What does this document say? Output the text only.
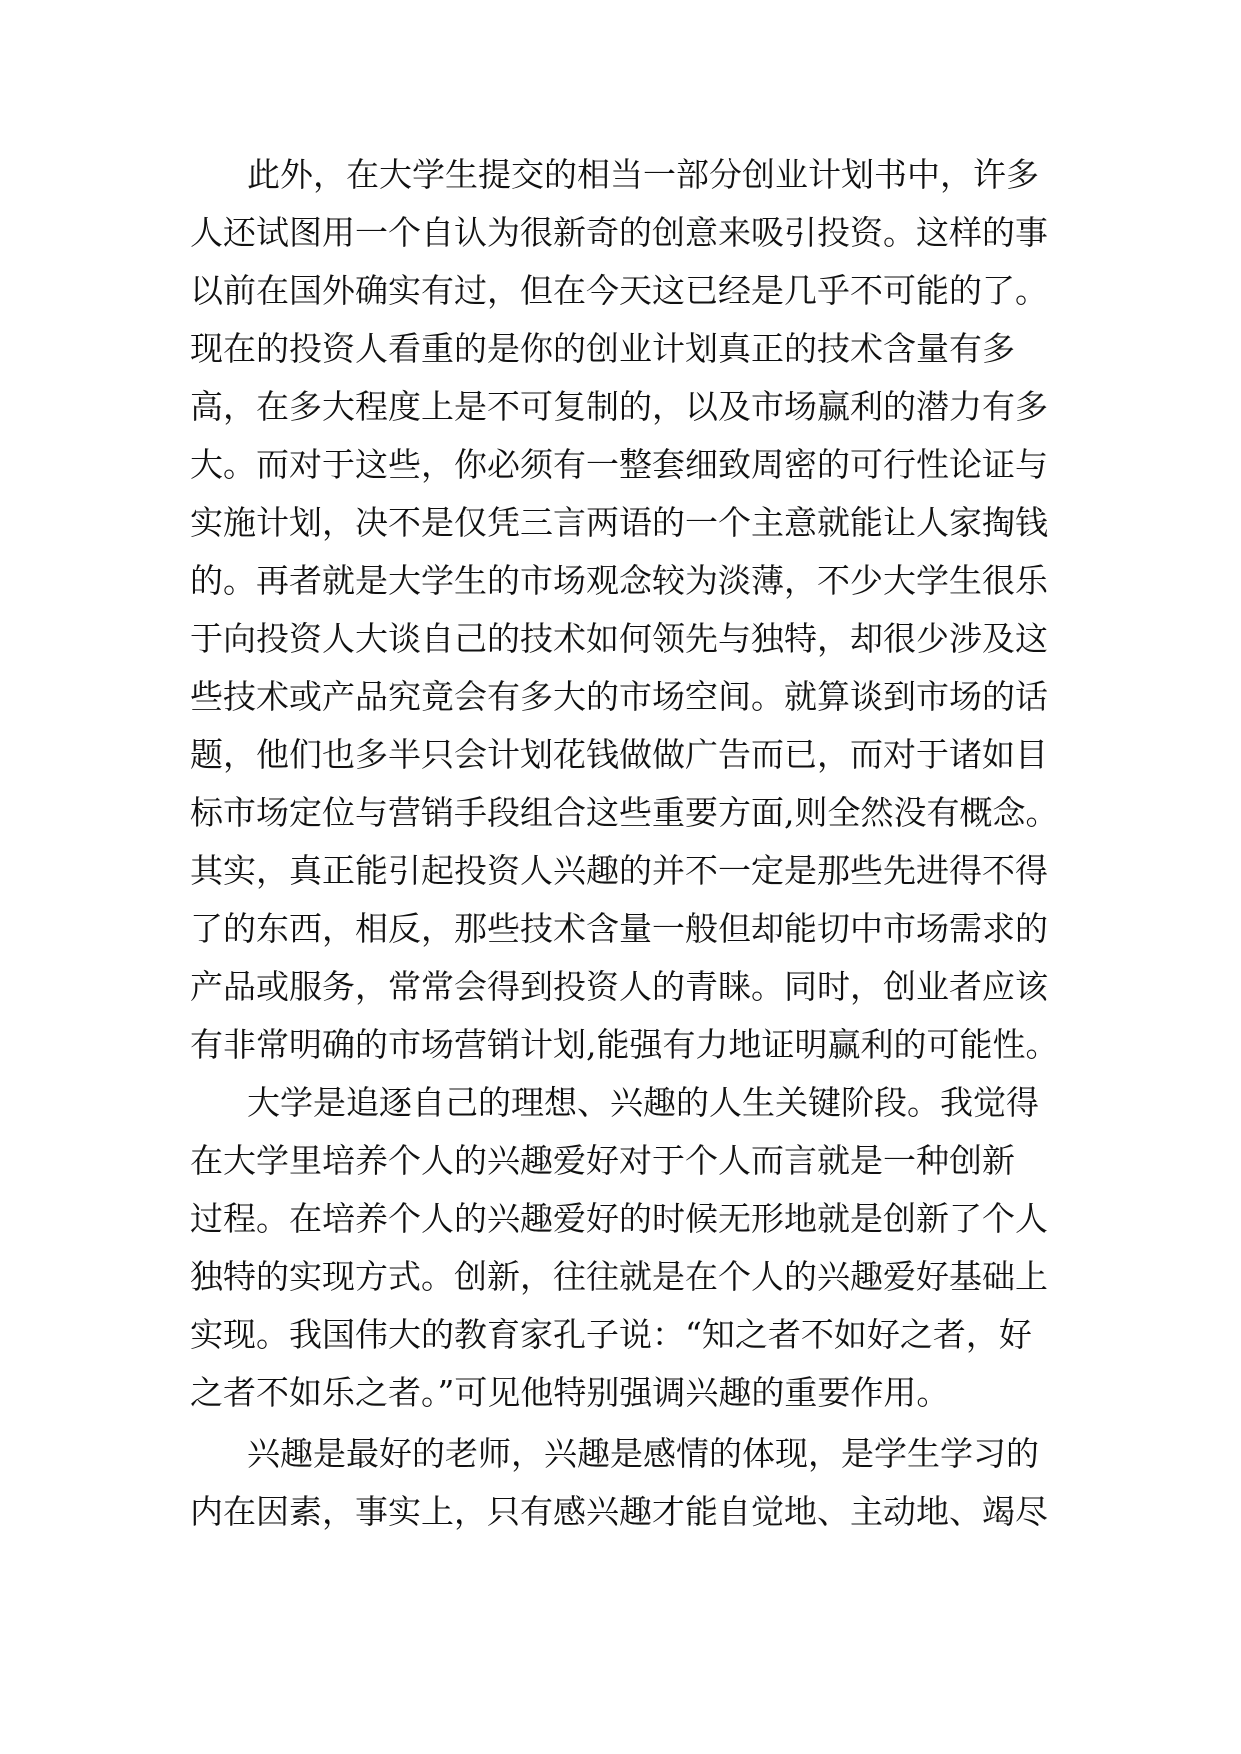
此外，在大学生提交的相当一部分创业计划书中，许多
人还试图用一个自认为很新奇的创意来吸引投资。这样的事
以前在国外确实有过，但在今天这已经是几乎不可能的了。
现在的投资人看重的是你的创业计划真正的技术含量有多
高，在多大程度上是不可复制的，以及市场赢利的潜力有多
大。而对于这些，你必须有一整套细致周密的可行性论证与
实施计划，决不是仅凭三言两语的一个主意就能让人家掏钱
的。再者就是大学生的市场观念较为淡薄，不少大学生很乐
于向投资人大谈自己的技术如何领先与独特，却很少涉及这
些技术或产品究竟会有多大的市场空间。就算谈到市场的话
题，他们也多半只会计划花钱做做广告而已，而对于诸如目
标市场定位与营销手段组合这些重要方面,则全然没有概念。
其实，真正能引起投资人兴趣的并不一定是那些先进得不得
了的东西，相反，那些技术含量一般但却能切中市场需求的
产品或服务，常常会得到投资人的青睐。同时，创业者应该
有非常明确的市场营销计划,能强有力地证明赢利的可能性。
大学是追逐自己的理想、兴趣的人生关键阶段。我觉得
在大学里培养个人的兴趣爱好对于个人而言就是一种创新
过程。在培养个人的兴趣爱好的时候无形地就是创新了个人
独特的实现方式。创新，往往就是在个人的兴趣爱好基础上
实现。我国伟大的教育家孔子说：“知之者不如好之者，好
之者不如乐之者。”可见他特别强调兴趣的重要作用。
兴趣是最好的老师，兴趣是感情的体现，是学生学习的
内在因素，事实上，只有感兴趣才能自觉地、主动地、竭尽
